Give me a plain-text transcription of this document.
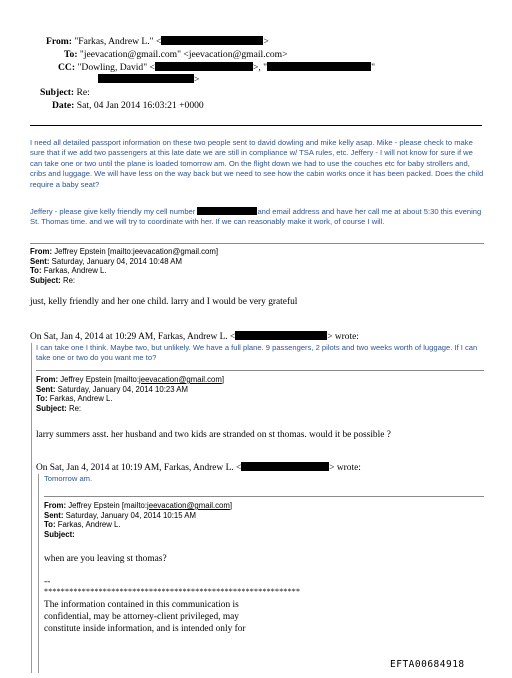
From: "Farkas, Andrew L." <	>
To: "jeevacation@gmail.com" <jeevacation@gmail.com>
CC: "Dowling, David" <	>, "	"
>
Subject: Re:
Date: Sat, 04 Jan 2014 16:03:21 +0000
I need all detailed passport information on these two people sent to david dowling and mike kelly asap. Mike - please check to make sure that if we add two passengers at this late date we are still in compliance w/ TSA rules, etc. Jeffery - I will not know for sure if we can take one or two until the plane is loaded tomorrow am. On the flight down we had to use the couches etc for baby strollers and, cribs and luggage. We will have less on the way back but we need to see how the cabin works once it has been packed. Does the child require a baby seat?
Jeffery - please give kelly friendly my cell number	and email address and have her call me at about 5:30 this evening St. Thomas time. and we will try to coordinate with her. If we can reasonably make it work, of course I will.
From: Jeffrey Epstein [mailto:jeevacation@gmail.com]
Sent: Saturday, January 04, 2014 10:48 AM
To: Farkas, Andrew L.
Subject: Re:
just, kelly friendly and her one child. larry and I would be very grateful
On Sat, Jan 4, 2014 at 10:29 AM, Farkas, Andrew L. <	> wrote:
I can take one I think. Maybe two, but unlikely. We have a full plane. 9 passengers, 2 pilots and two weeks worth of luggage. If I can take one or two do you want me to?
From: Jeffrey Epstein [mailto:jeevacation@gmail.com]
Sent: Saturday, January 04, 2014 10:23 AM
To: Farkas, Andrew L.
Subject: Re:
larry summers asst. her husband and two kids are stranded on st thomas. would it be possible ?
On Sat, Jan 4, 2014 at 10:19 AM, Farkas, Andrew L. <	> wrote:
Tomorrow am.
From: Jeffrey Epstein [mailto:jeevacation@gmail.com]
Sent: Saturday, January 04, 2014 10:15 AM
To: Farkas, Andrew L.
Subject:
when are you leaving st thomas?
--
*************************************************************
The information contained in this communication is
confidential, may be attorney-client privileged, may
constitute inside information, and is intended only for
EFTA00684918
